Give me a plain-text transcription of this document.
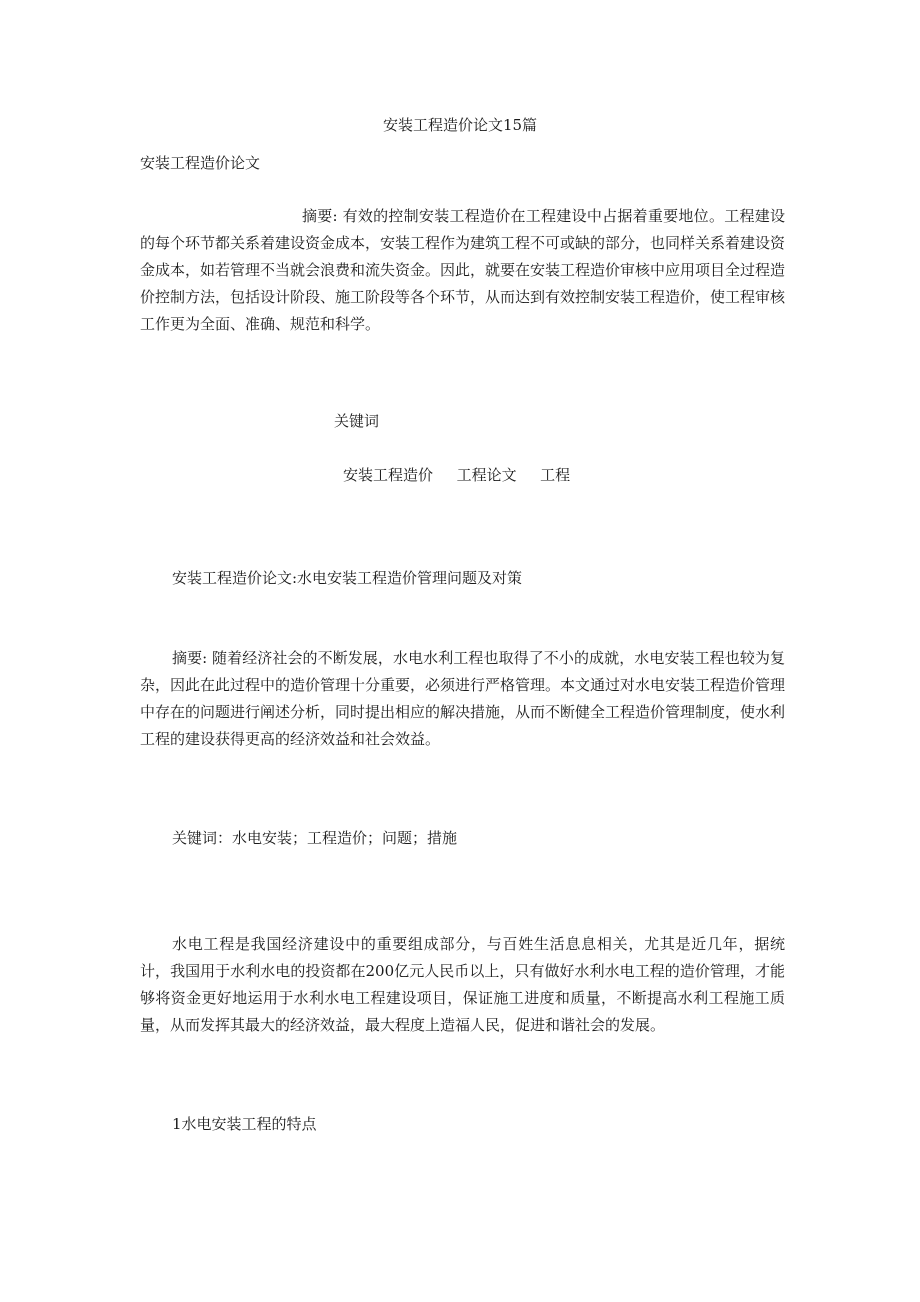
安装工程造价论文15篇
安装工程造价论文
摘要: 有效的控制安装工程造价在工程建设中占据着重要地位。工程建设的每个环节都关系着建设资金成本，安装工程作为建筑工程不可或缺的部分，也同样关系着建设资金成本，如若管理不当就会浪费和流失资金。因此，就要在安装工程造价审核中应用项目全过程造价控制方法，包括设计阶段、施工阶段等各个环节，从而达到有效控制安装工程造价，使工程审核工作更为全面、准确、规范和科学。
关键词
安装工程造价 工程论文 工程
安装工程造价论文:水电安装工程造价管理问题及对策
摘要: 随着经济社会的不断发展，水电水利工程也取得了不小的成就，水电安装工程也较为复杂，因此在此过程中的造价管理十分重要，必须进行严格管理。本文通过对水电安装工程造价管理中存在的问题进行阐述分析，同时提出相应的解决措施，从而不断健全工程造价管理制度，使水利工程的建设获得更高的经济效益和社会效益。
关键词：水电安装；工程造价；问题；措施
水电工程是我国经济建设中的重要组成部分，与百姓生活息息相关，尤其是近几年，据统计，我国用于水利水电的投资都在200亿元人民币以上，只有做好水利水电工程的造价管理，才能够将资金更好地运用于水利水电工程建设项目，保证施工进度和质量，不断提高水利工程施工质量，从而发挥其最大的经济效益，最大程度上造福人民，促进和谐社会的发展。
1水电安装工程的特点
